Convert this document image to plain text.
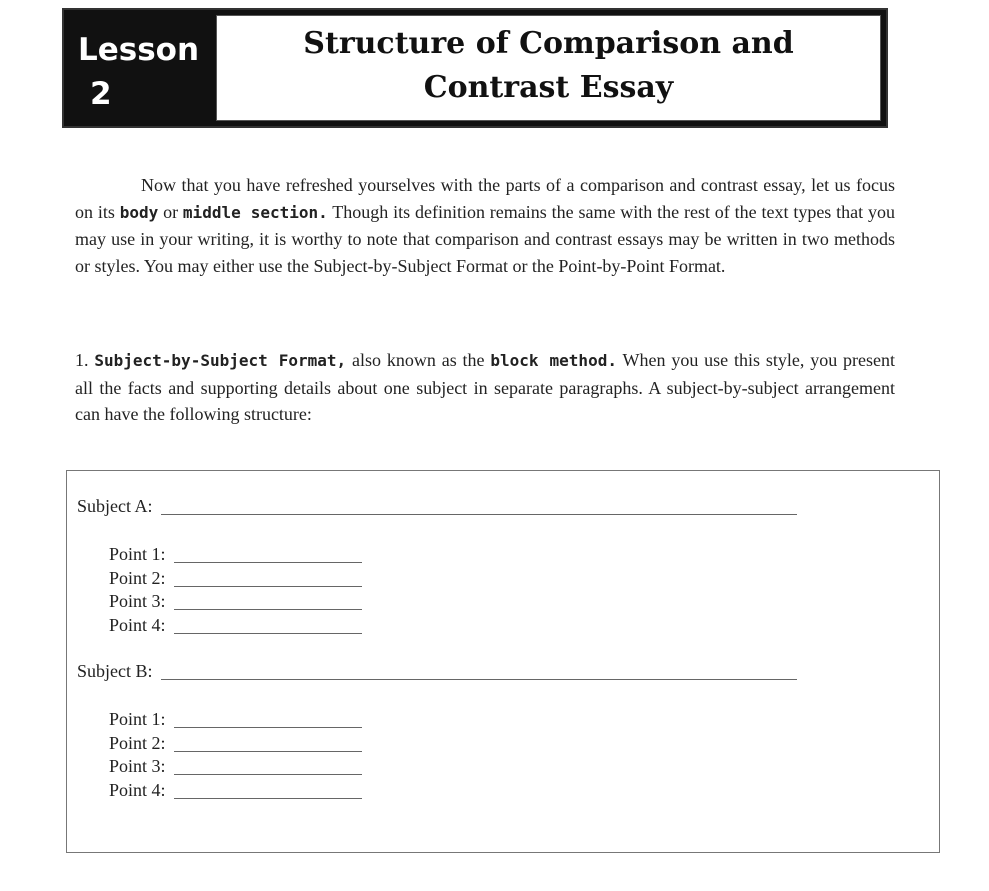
Lesson
2
Structure of Comparison and
Contrast Essay

Now that you have refreshed yourselves with the parts of a comparison and contrast essay, let us focus on its body or middle section. Though its definition remains the same with the rest of the text types that you may use in your writing, it is worthy to note that comparison and contrast essays may be written in two methods or styles. You may either use the Subject-by-Subject Format or the Point-by-Point Format.

1. Subject-by-Subject Format, also known as the block method. When you use this style, you present all the facts and supporting details about one subject in separate paragraphs. A subject-by-subject arrangement can have the following structure:

Subject A:
Point 1:
Point 2:
Point 3:
Point 4:
Subject B:
Point 1:
Point 2:
Point 3:
Point 4:
